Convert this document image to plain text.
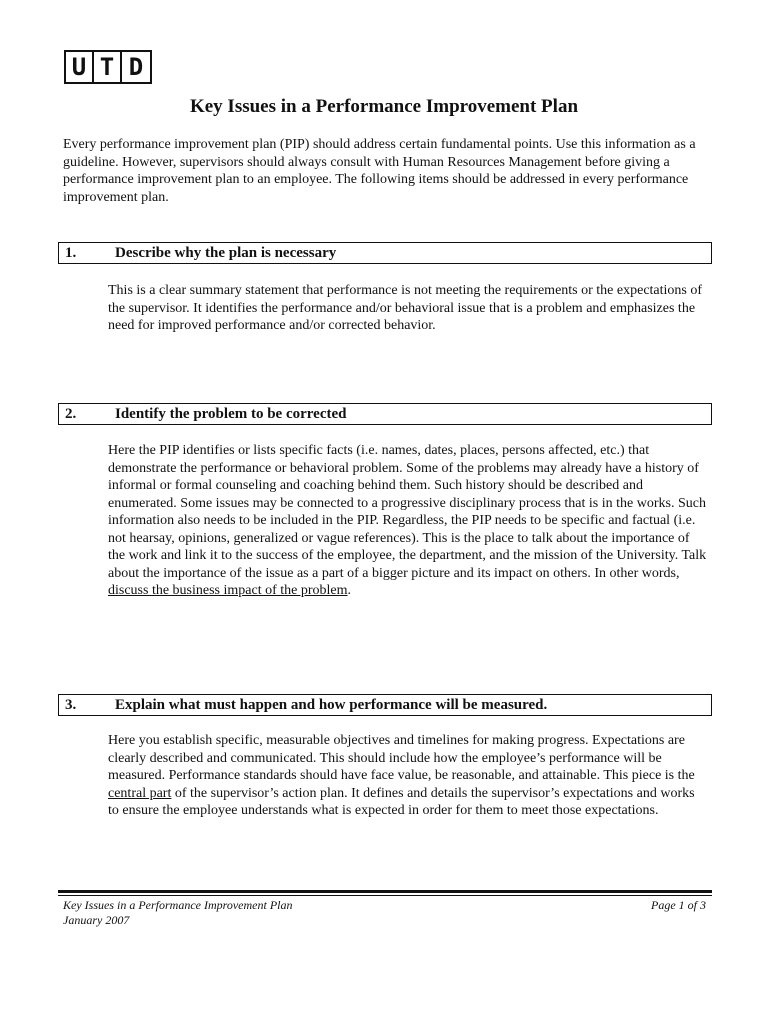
U T D
Key Issues in a Performance Improvement Plan
Every performance improvement plan (PIP) should address certain fundamental points. Use this information as a guideline. However, supervisors should always consult with Human Resources Management before giving a performance improvement plan to an employee. The following items should be addressed in every performance improvement plan.
1.	Describe why the plan is necessary
This is a clear summary statement that performance is not meeting the requirements or the expectations of the supervisor. It identifies the performance and/or behavioral issue that is a problem and emphasizes the need for improved performance and/or corrected behavior.
2.	Identify the problem to be corrected
Here the PIP identifies or lists specific facts (i.e. names, dates, places, persons affected, etc.) that demonstrate the performance or behavioral problem. Some of the problems may already have a history of informal or formal counseling and coaching behind them. Such history should be described and enumerated. Some issues may be connected to a progressive disciplinary process that is in the works. Such information also needs to be included in the PIP. Regardless, the PIP needs to be specific and factual (i.e. not hearsay, opinions, generalized or vague references). This is the place to talk about the importance of the work and link it to the success of the employee, the department, and the mission of the University. Talk about the importance of the issue as a part of a bigger picture and its impact on others. In other words, discuss the business impact of the problem.
3.	Explain what must happen and how performance will be measured.
Here you establish specific, measurable objectives and timelines for making progress. Expectations are clearly described and communicated. This should include how the employee’s performance will be measured. Performance standards should have face value, be reasonable, and attainable. This piece is the central part of the supervisor’s action plan. It defines and details the supervisor’s expectations and works to ensure the employee understands what is expected in order for them to meet those expectations.
Key Issues in a Performance Improvement Plan
January 2007
Page 1 of 3
